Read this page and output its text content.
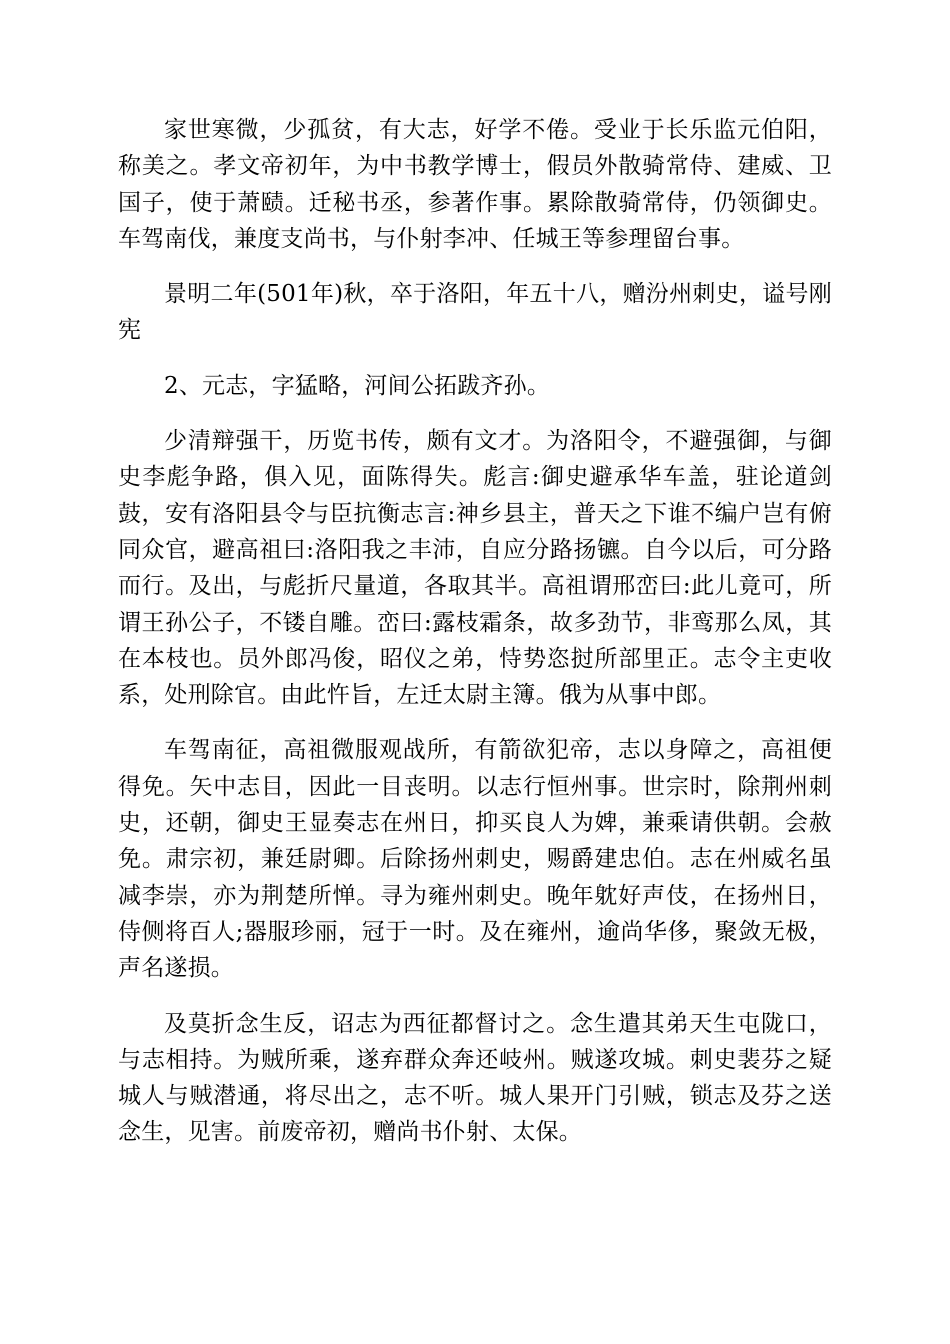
家世寒微，少孤贫，有大志，好学不倦。受业于长乐监元伯阳，称美之。孝文帝初年，为中书教学博士，假员外散骑常侍、建威、卫国子，使于萧赜。迁秘书丞，参著作事。累除散骑常侍，仍领御史。车驾南伐，兼度支尚书，与仆射李冲、任城王等参理留台事。

景明二年(501年)秋，卒于洛阳，年五十八，赠汾州刺史，谥号刚宪

2、元志，字猛略，河间公拓跋齐孙。

少清辩强干，历览书传，颇有文才。为洛阳令，不避强御，与御史李彪争路，俱入见，面陈得失。彪言:御史避承华车盖，驻论道剑鼓，安有洛阳县令与臣抗衡志言:神乡县主，普天之下谁不编户岂有俯同众官，避高祖曰:洛阳我之丰沛，自应分路扬镳。自今以后，可分路而行。及出，与彪折尺量道，各取其半。高祖谓邢峦曰:此儿竟可，所谓王孙公子，不镂自雕。峦曰:露枝霜条，故多劲节，非鸾那么凤，其在本枝也。员外郎冯俊，昭仪之弟，恃势恣挝所部里正。志令主吏收系，处刑除官。由此忤旨，左迁太尉主簿。俄为从事中郎。

车驾南征，高祖微服观战所，有箭欲犯帝，志以身障之，高祖便得免。矢中志目，因此一目丧明。以志行恒州事。世宗时，除荆州刺史，还朝，御史王显奏志在州日，抑买良人为婢，兼乘请供朝。会赦免。肃宗初，兼廷尉卿。后除扬州刺史，赐爵建忠伯。志在州威名虽减李崇，亦为荆楚所惮。寻为雍州刺史。晚年躭好声伎，在扬州日，侍侧将百人;器服珍丽，冠于一时。及在雍州，逾尚华侈，聚敛无极，声名遂损。

及莫折念生反，诏志为西征都督讨之。念生遣其弟天生屯陇口，与志相持。为贼所乘，遂弃群众奔还岐州。贼遂攻城。刺史裴芬之疑城人与贼潜通，将尽出之，志不听。城人果开门引贼，锁志及芬之送念生，见害。前废帝初，赠尚书仆射、太保。
